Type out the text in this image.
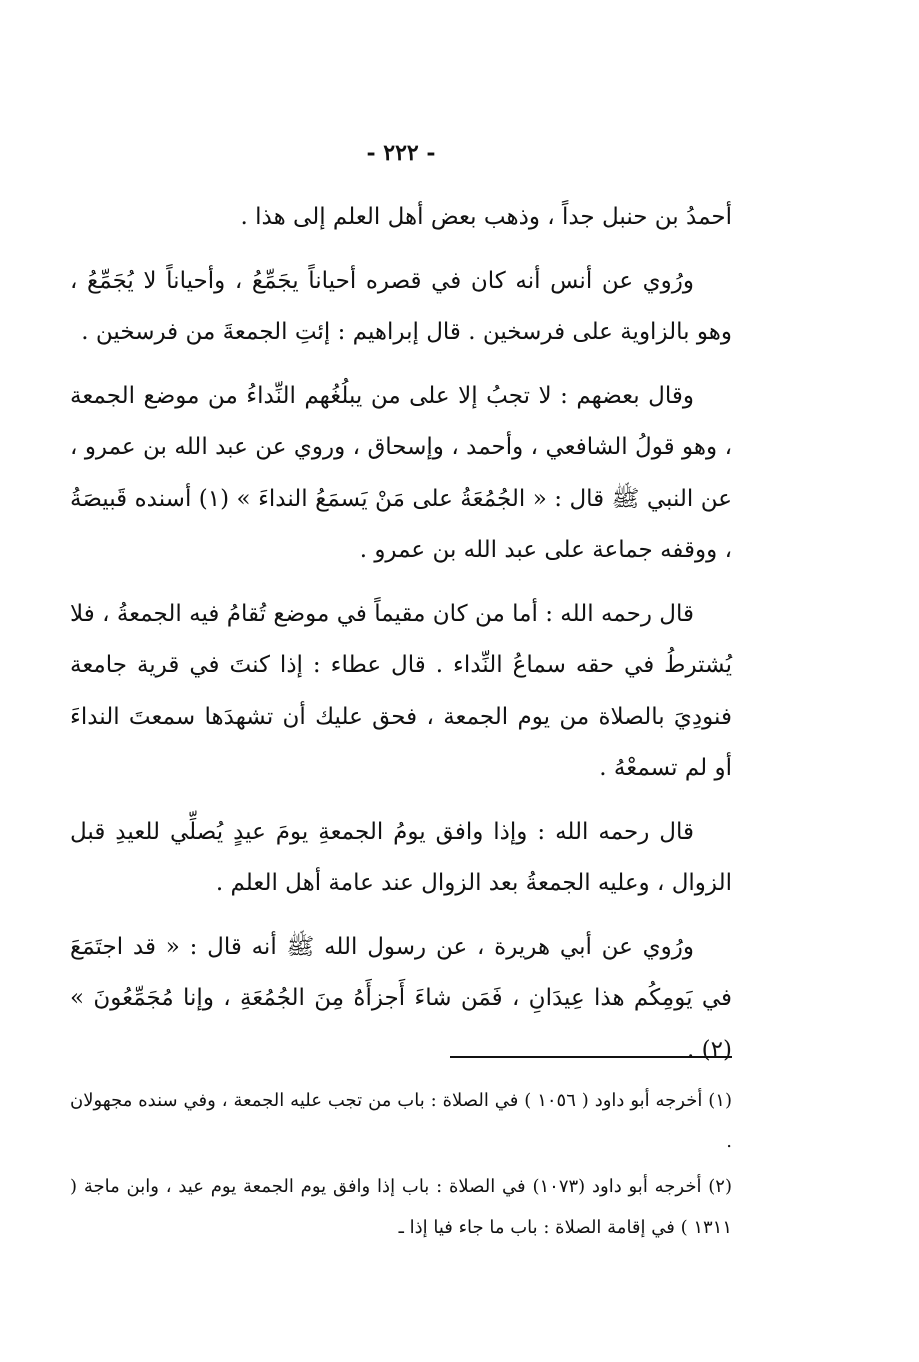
- ٢٢٢ -

أحمدُ بن حنبل جداً ، وذهب بعض أهل العلم إلى هذا .

ورُوي عن أنس أنه كان في قصره أحياناً يجَمِّعُ ، وأحياناً لا يُجَمِّعُ ، وهو بالزاوية على فرسخين . قال إبراهيم : إئتِ الجمعةَ من فرسخين .

وقال بعضهم : لا تجبُ إلا على من يبلُغُهم النِّداءُ من موضع الجمعة ، وهو قولُ الشافعي ، وأحمد ، وإسحاق ، وروي عن عبد الله بن عمرو ، عن النبي ﷺ قال : « الجُمُعَةُ على مَنْ يَسمَعُ النداءَ » (١) أسنده قَبيصَةُ ، ووقفه جماعة على عبد الله بن عمرو .

قال رحمه الله : أما من كان مقيماً في موضع تُقامُ فيه الجمعةُ ، فلا يُشترطُ في حقه سماعُ النِّداء . قال عطاء : إذا كنتَ في قرية جامعة فنودِيَ بالصلاة من يوم الجمعة ، فحق عليك أن تشهدَها سمعتَ النداءَ أو لم تسمعْهُ .

قال رحمه الله : وإذا وافق يومُ الجمعةِ يومَ عيدٍ يُصلِّي للعيدِ قبل الزوال ، وعليه الجمعةُ بعد الزوال عند عامة أهل العلم .

ورُوي عن أبي هريرة ، عن رسول الله ﷺ أنه قال : « قد اجتَمَعَ في يَومِكُم هذا عِيدَانِ ، فَمَن شاءَ أَجزأَهُ مِنَ الجُمُعَةِ ، وإنا مُجَمِّعُونَ » (٢) .

(١) أخرجه أبو داود ( ١٠٥٦ ) في الصلاة : باب من تجب عليه الجمعة ، وفي سنده مجهولان .

(٢) أخرجه أبو داود (١٠٧٣) في الصلاة : باب إذا وافق يوم الجمعة يوم عيد ، وابن ماجة ( ١٣١١ ) في إقامة الصلاة : باب ما جاء فيا إذا ـ
